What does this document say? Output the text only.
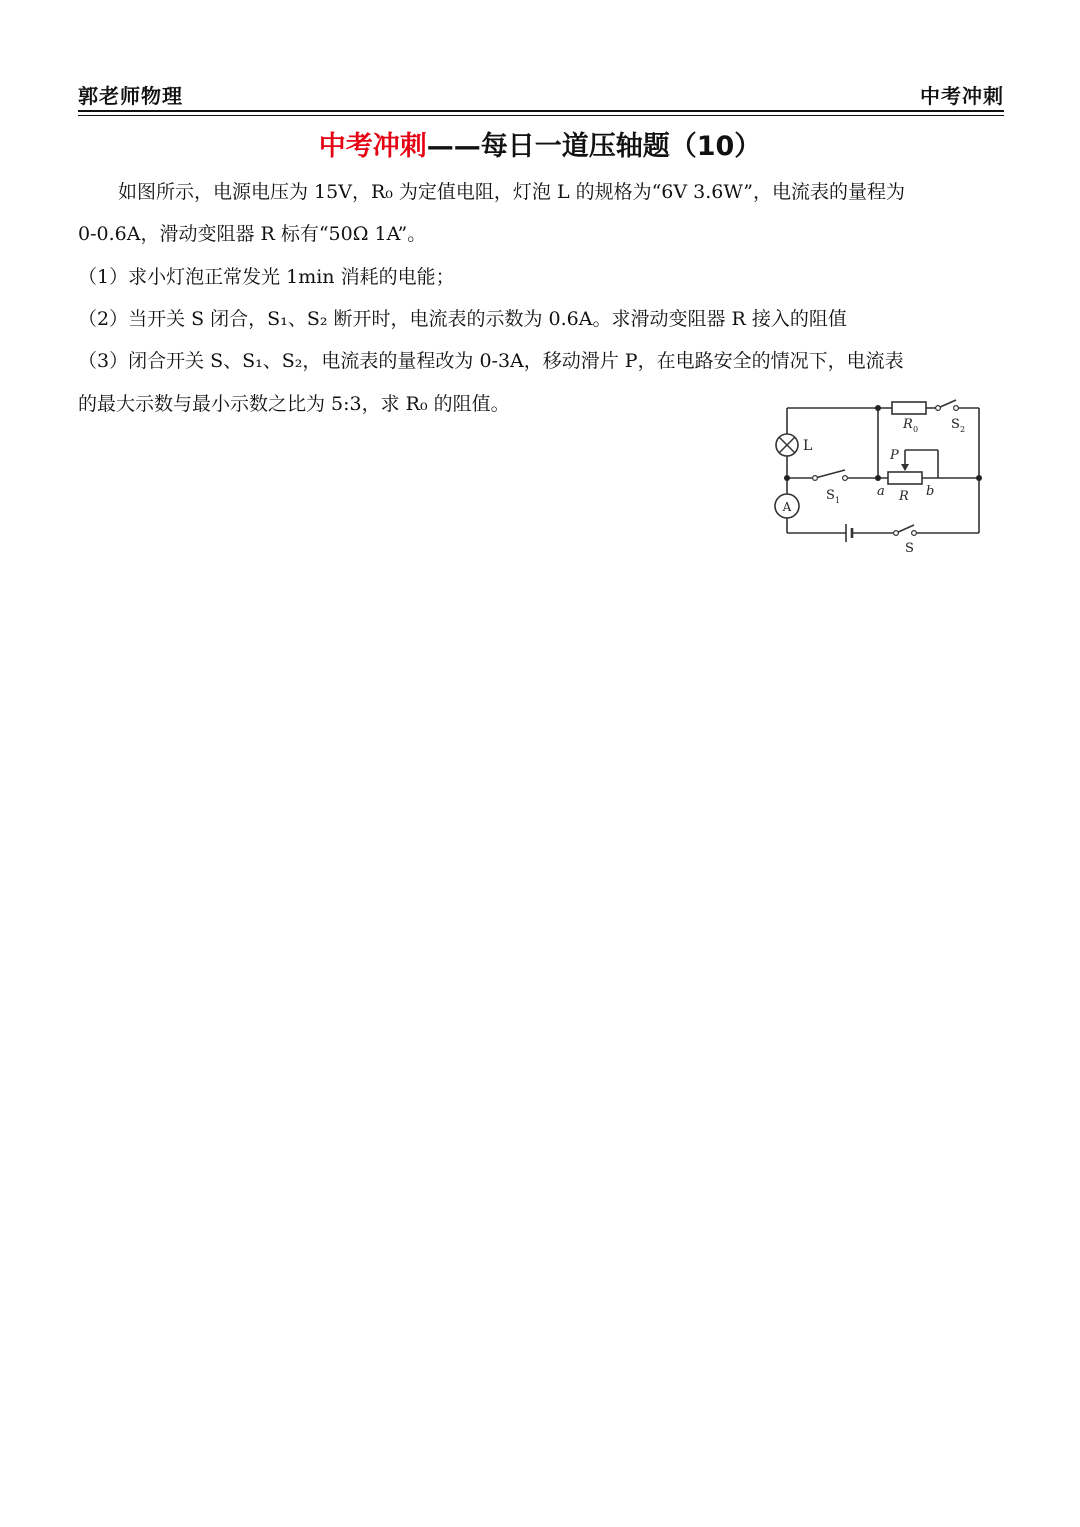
郭老师物理	中考冲刺
中考冲刺——每日一道压轴题（10）
如图所示，电源电压为 15V，R₀ 为定值电阻，灯泡 L 的规格为“6V 3.6W”，电流表的量程为
0-0.6A，滑动变阻器 R 标有“50Ω 1A”。
（1）求小灯泡正常发光 1min 消耗的电能；
（2）当开关 S 闭合，S₁、S₂ 断开时，电流表的示数为 0.6A。求滑动变阻器 R 接入的阻值
（3）闭合开关 S、S₁、S₂，电流表的量程改为 0-3A，移动滑片 P，在电路安全的情况下，电流表
的最大示数与最小示数之比为 5:3，求 R₀ 的阻值。
L
A
R 0	S 2
S 1
P
a R b
S
